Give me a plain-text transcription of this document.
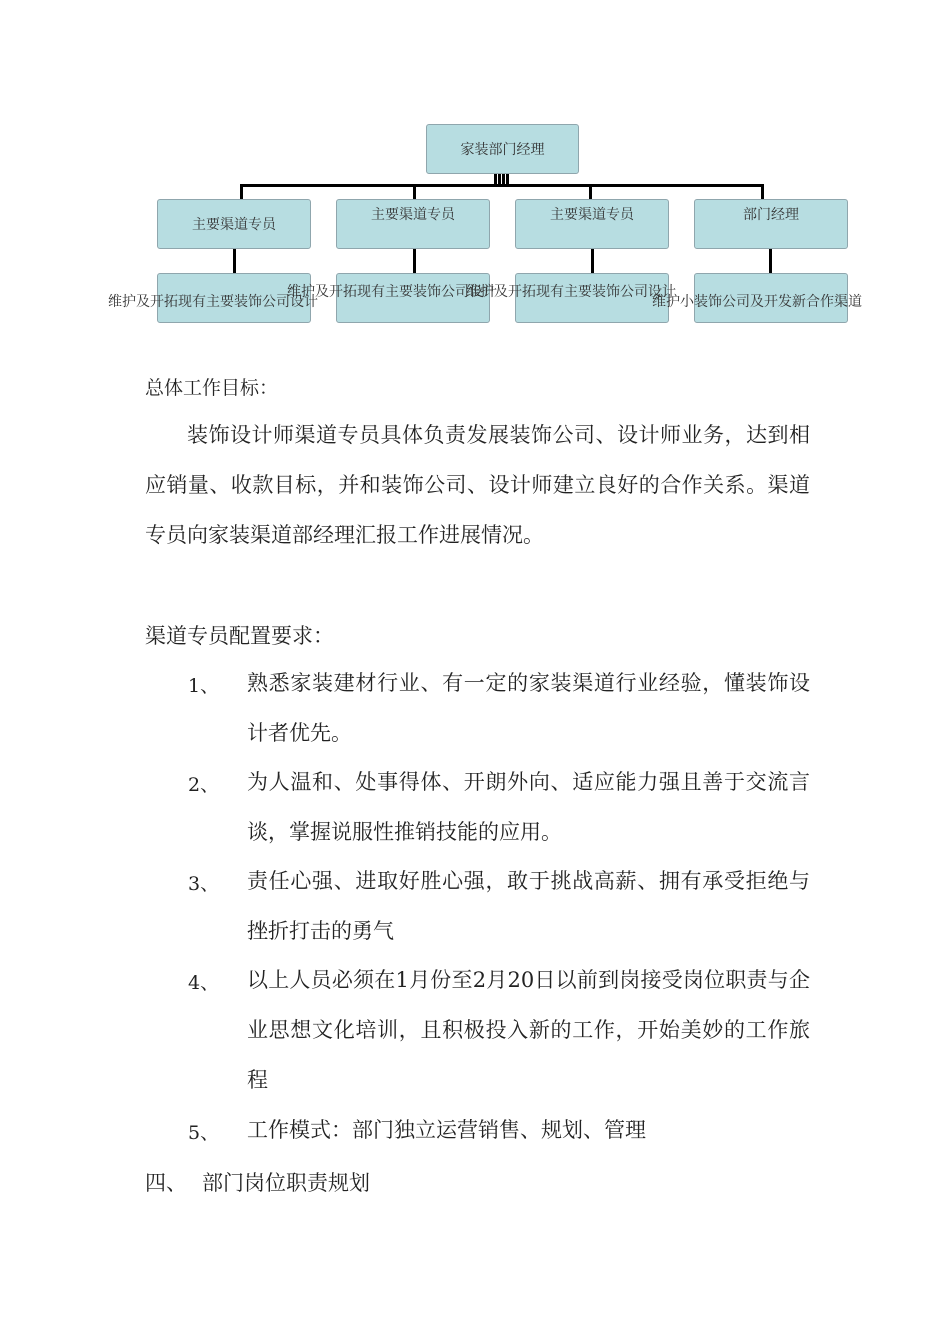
家装部门经理
主要渠道专员
主要渠道专员	主要渠道专员	部门经理
维护及开拓现有主要装饰公司设计
维护及开拓现有主要装饰公司设计
维护及开拓现有主要装饰公司设计
维护小装饰公司及开发新合作渠道
总体工作目标：
装饰设计师渠道专员具体负责发展装饰公司、设计师业务，达到相应销量、收款目标，并和装饰公司、设计师建立良好的合作关系。渠道专员向家装渠道部经理汇报工作进展情况。
渠道专员配置要求：
1、 熟悉家装建材行业、有一定的家装渠道行业经验，懂装饰设计者优先。
2、 为人温和、处事得体、开朗外向、适应能力强且善于交流言谈，掌握说服性推销技能的应用。
3、 责任心强、进取好胜心强，敢于挑战高薪、拥有承受拒绝与挫折打击的勇气
4、 以上人员必须在1月份至2月20日以前到岗接受岗位职责与企业思想文化培训，且积极投入新的工作，开始美妙的工作旅程
5、 工作模式：部门独立运营销售、规划、管理
四、 部门岗位职责规划
